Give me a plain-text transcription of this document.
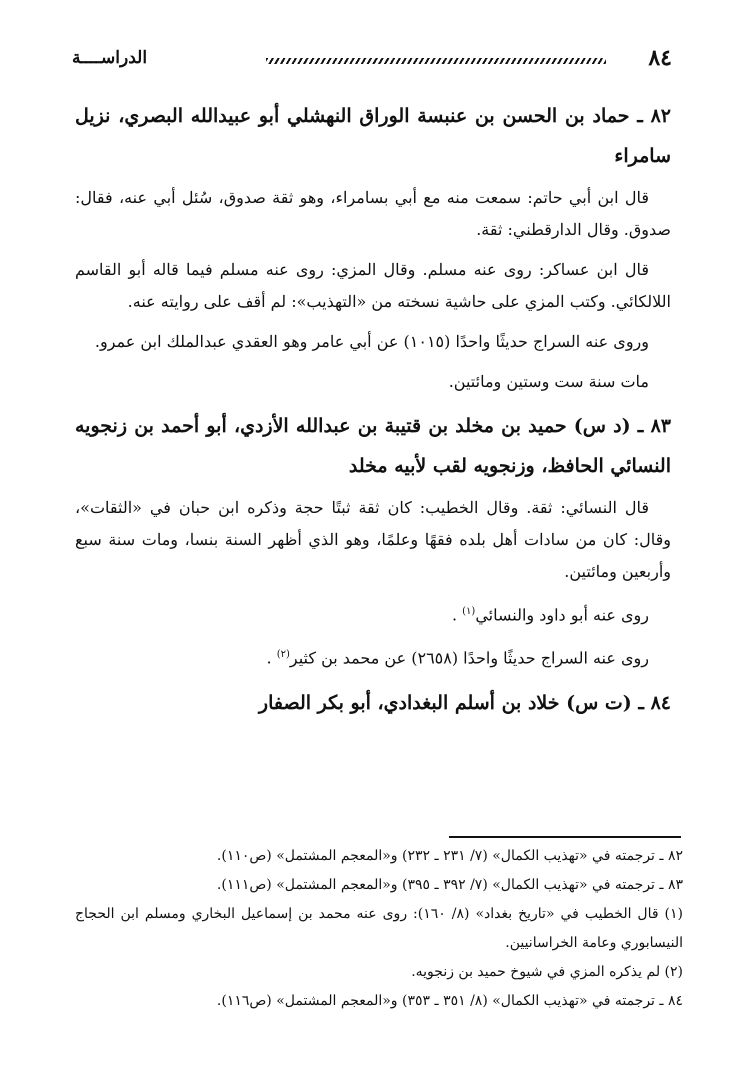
٨٤
الدراســــة

٨٢ ـ حماد بن الحسن بن عنبسة الوراق النهشلي أبو عبيدالله البصري، نزيل سامراء

قال ابن أبي حاتم: سمعت منه مع أبي بسامراء، وهو ثقة صدوق، سُئل أبي عنه، فقال: صدوق. وقال الدارقطني: ثقة.

قال ابن عساكر: روى عنه مسلم. وقال المزي: روى عنه مسلم فيما قاله أبو القاسم اللالكائي. وكتب المزي على حاشية نسخته من «التهذيب»: لم أقف على روايته عنه.

وروى عنه السراج حديثًا واحدًا (١٠١٥) عن أبي عامر وهو العقدي عبدالملك ابن عمرو.

مات سنة ست وستين ومائتين.

٨٣ ـ (د س) حميد بن مخلد بن قتيبة بن عبدالله الأزدي، أبو أحمد بن زنجويه النسائي الحافظ، وزنجويه لقب لأبيه مخلد

قال النسائي: ثقة. وقال الخطيب: كان ثقة ثبتًا حجة وذكره ابن حبان في «الثقات»، وقال: كان من سادات أهل بلده فقهًا وعلمًا، وهو الذي أظهر السنة بنسا، ومات سنة سبع وأربعين ومائتين.

روى عنه أبو داود والنسائي$^{(١)}$ .

روى عنه السراج حديثًا واحدًا (٢٦٥٨) عن محمد بن كثير$^{(٢)}$ .

٨٤ ـ (ت س) خلاد بن أسلم البغدادي، أبو بكر الصفار

٨٢ ـ ترجمته في «تهذيب الكمال» (٧/ ٢٣١ ـ ٢٣٢) و«المعجم المشتمل» (ص١١٠).

٨٣ ـ ترجمته في «تهذيب الكمال» (٧/ ٣٩٢ ـ ٣٩٥) و«المعجم المشتمل» (ص١١١).

(١) قال الخطيب في «تاريخ بغداد» (٨/ ١٦٠): روى عنه محمد بن إسماعيل البخاري ومسلم ابن الحجاج النيسابوري وعامة الخراسانيين.

(٢) لم يذكره المزي في شيوخ حميد بن زنجويه.

٨٤ ـ ترجمته في «تهذيب الكمال» (٨/ ٣٥١ ـ ٣٥٣) و«المعجم المشتمل» (ص١١٦).
